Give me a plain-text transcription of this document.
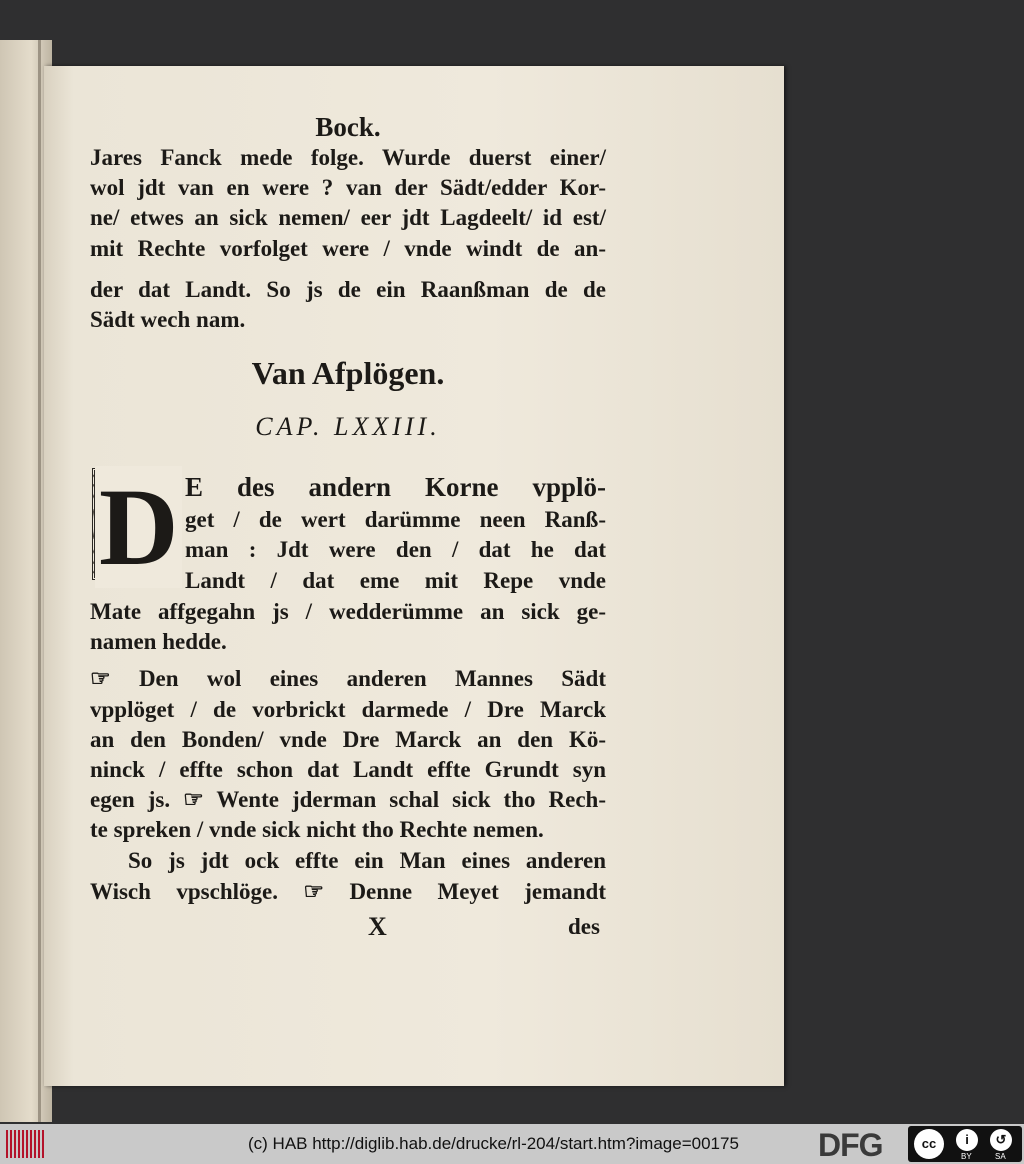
Bock.
Jares Fanck mede folge. Wurde duerst einer/
wol jdt van en were ? van der Sädt/edder Kor-
ne/ etwes an sick nemen/ eer jdt Lagdeelt/ id est/
mit Rechte vorfolget were / vnde windt de an-
der dat Landt. So js de ein Raanßman de de
Sädt wech nam.
Van Afplögen.
CAP. LXXIII.
D E des andern Korne vpplö-
get / de wert darümme neen Ranß-
man : Jdt were den / dat he dat
Landt / dat eme mit Repe vnde
Mate affgegahn js / wedderümme an sick ge-
namen hedde.
☞ Den wol eines anderen Mannes Sädt
vpplöget / de vorbrickt darmede / Dre Marck
an den Bonden/ vnde Dre Marck an den Kö-
ninck / effte schon dat Landt effte Grundt syn
egen js. ☞ Wente jderman schal sick tho Rech-
te spreken / vnde sick nicht tho Rechte nemen.
So js jdt ock effte ein Man eines anderen
Wisch vpschlöge. ☞ Denne Meyet jemandt
X	des
(c) HAB http://diglib.hab.de/drucke/rl-204/start.htm?image=00175 DFG	cc	i	↺
BY	SA
